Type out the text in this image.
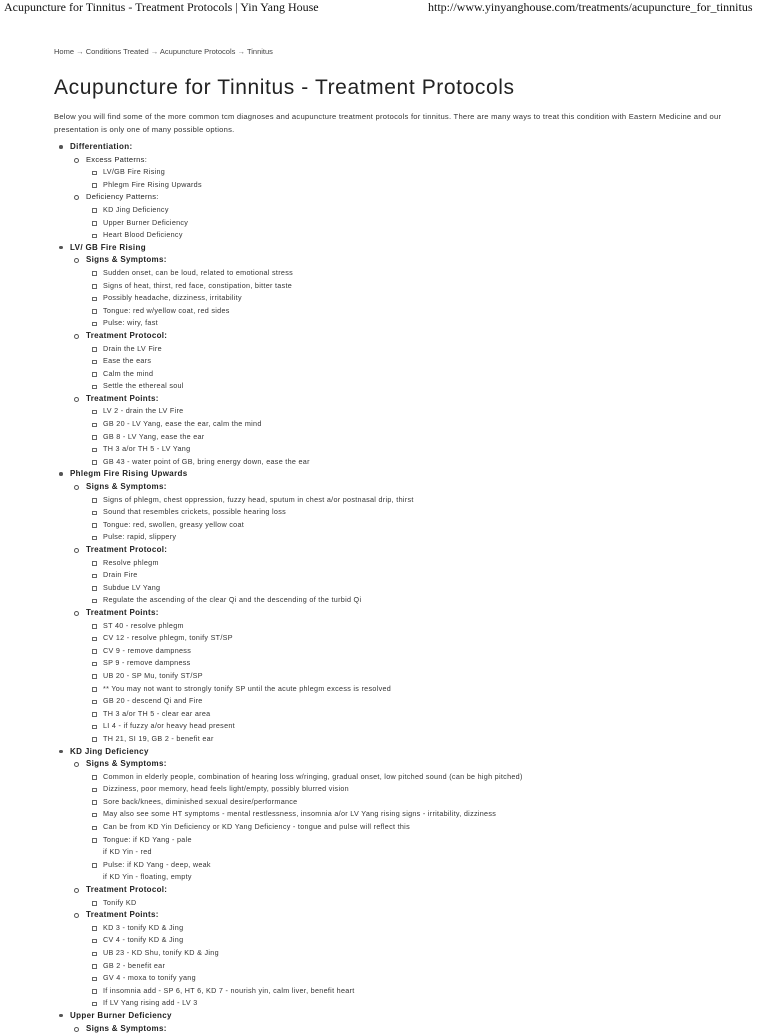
Acupuncture for Tinnitus - Treatment Protocols | Yin Yang House	http://www.yinyanghouse.com/treatments/acupuncture_for_tinnitus
Home → Conditions Treated → Acupuncture Protocols → Tinnitus
Acupuncture for Tinnitus - Treatment Protocols

Below you will find some of the more common tcm diagnoses and acupuncture treatment protocols for tinnitus. There are many ways to treat this condition with Eastern Medicine and our presentation is only one of many possible options.

Differentiation:
Excess Patterns:
LV/GB Fire Rising
Phlegm Fire Rising Upwards
Deficiency Patterns:
KD Jing Deficiency
Upper Burner Deficiency
Heart Blood Deficiency
LV/ GB Fire Rising
Signs & Symptoms:
Sudden onset, can be loud, related to emotional stress
Signs of heat, thirst, red face, constipation, bitter taste
Possibly headache, dizziness, irritability
Tongue: red w/yellow coat, red sides
Pulse: wiry, fast
Treatment Protocol:
Drain the LV Fire
Ease the ears
Calm the mind
Settle the ethereal soul
Treatment Points:
LV 2 - drain the LV Fire
GB 20 - LV Yang, ease the ear, calm the mind
GB 8 - LV Yang, ease the ear
TH 3 a/or TH 5 - LV Yang
GB 43 - water point of GB, bring energy down, ease the ear
Phlegm Fire Rising Upwards
Signs & Symptoms:
Signs of phlegm, chest oppression, fuzzy head, sputum in chest a/or postnasal drip, thirst
Sound that resembles crickets, possible hearing loss
Tongue: red, swollen, greasy yellow coat
Pulse: rapid, slippery
Treatment Protocol:
Resolve phlegm
Drain Fire
Subdue LV Yang
Regulate the ascending of the clear Qi and the descending of the turbid Qi
Treatment Points:
ST 40 - resolve phlegm
CV 12 - resolve phlegm, tonify ST/SP
CV 9 - remove dampness
SP 9 - remove dampness
UB 20 - SP Mu, tonify ST/SP
** You may not want to strongly tonify SP until the acute phlegm excess is resolved
GB 20 - descend Qi and Fire
TH 3 a/or TH 5 - clear ear area
LI 4 - if fuzzy a/or heavy head present
TH 21, SI 19, GB 2 - benefit ear
KD Jing Deficiency
Signs & Symptoms:
Common in elderly people, combination of hearing loss w/ringing, gradual onset, low pitched sound (can be high pitched)
Dizziness, poor memory, head feels light/empty, possibly blurred vision
Sore back/knees, diminished sexual desire/performance
May also see some HT symptoms - mental restlessness, insomnia a/or LV Yang rising signs - irritability, dizziness
Can be from KD Yin Deficiency or KD Yang Deficiency - tongue and pulse will reflect this
Tongue: if KD Yang - pale
if KD Yin - red
Pulse: if KD Yang - deep, weak
if KD Yin - floating, empty
Treatment Protocol:
Tonify KD
Treatment Points:
KD 3 - tonify KD & Jing
CV 4 - tonify KD & Jing
UB 23 - KD Shu, tonify KD & Jing
GB 2 - benefit ear
GV 4 - moxa to tonify yang
If insomnia add - SP 6, HT 6, KD 7 - nourish yin, calm liver, benefit heart
If LV Yang rising add - LV 3
Upper Burner Deficiency
Signs & Symptoms:
